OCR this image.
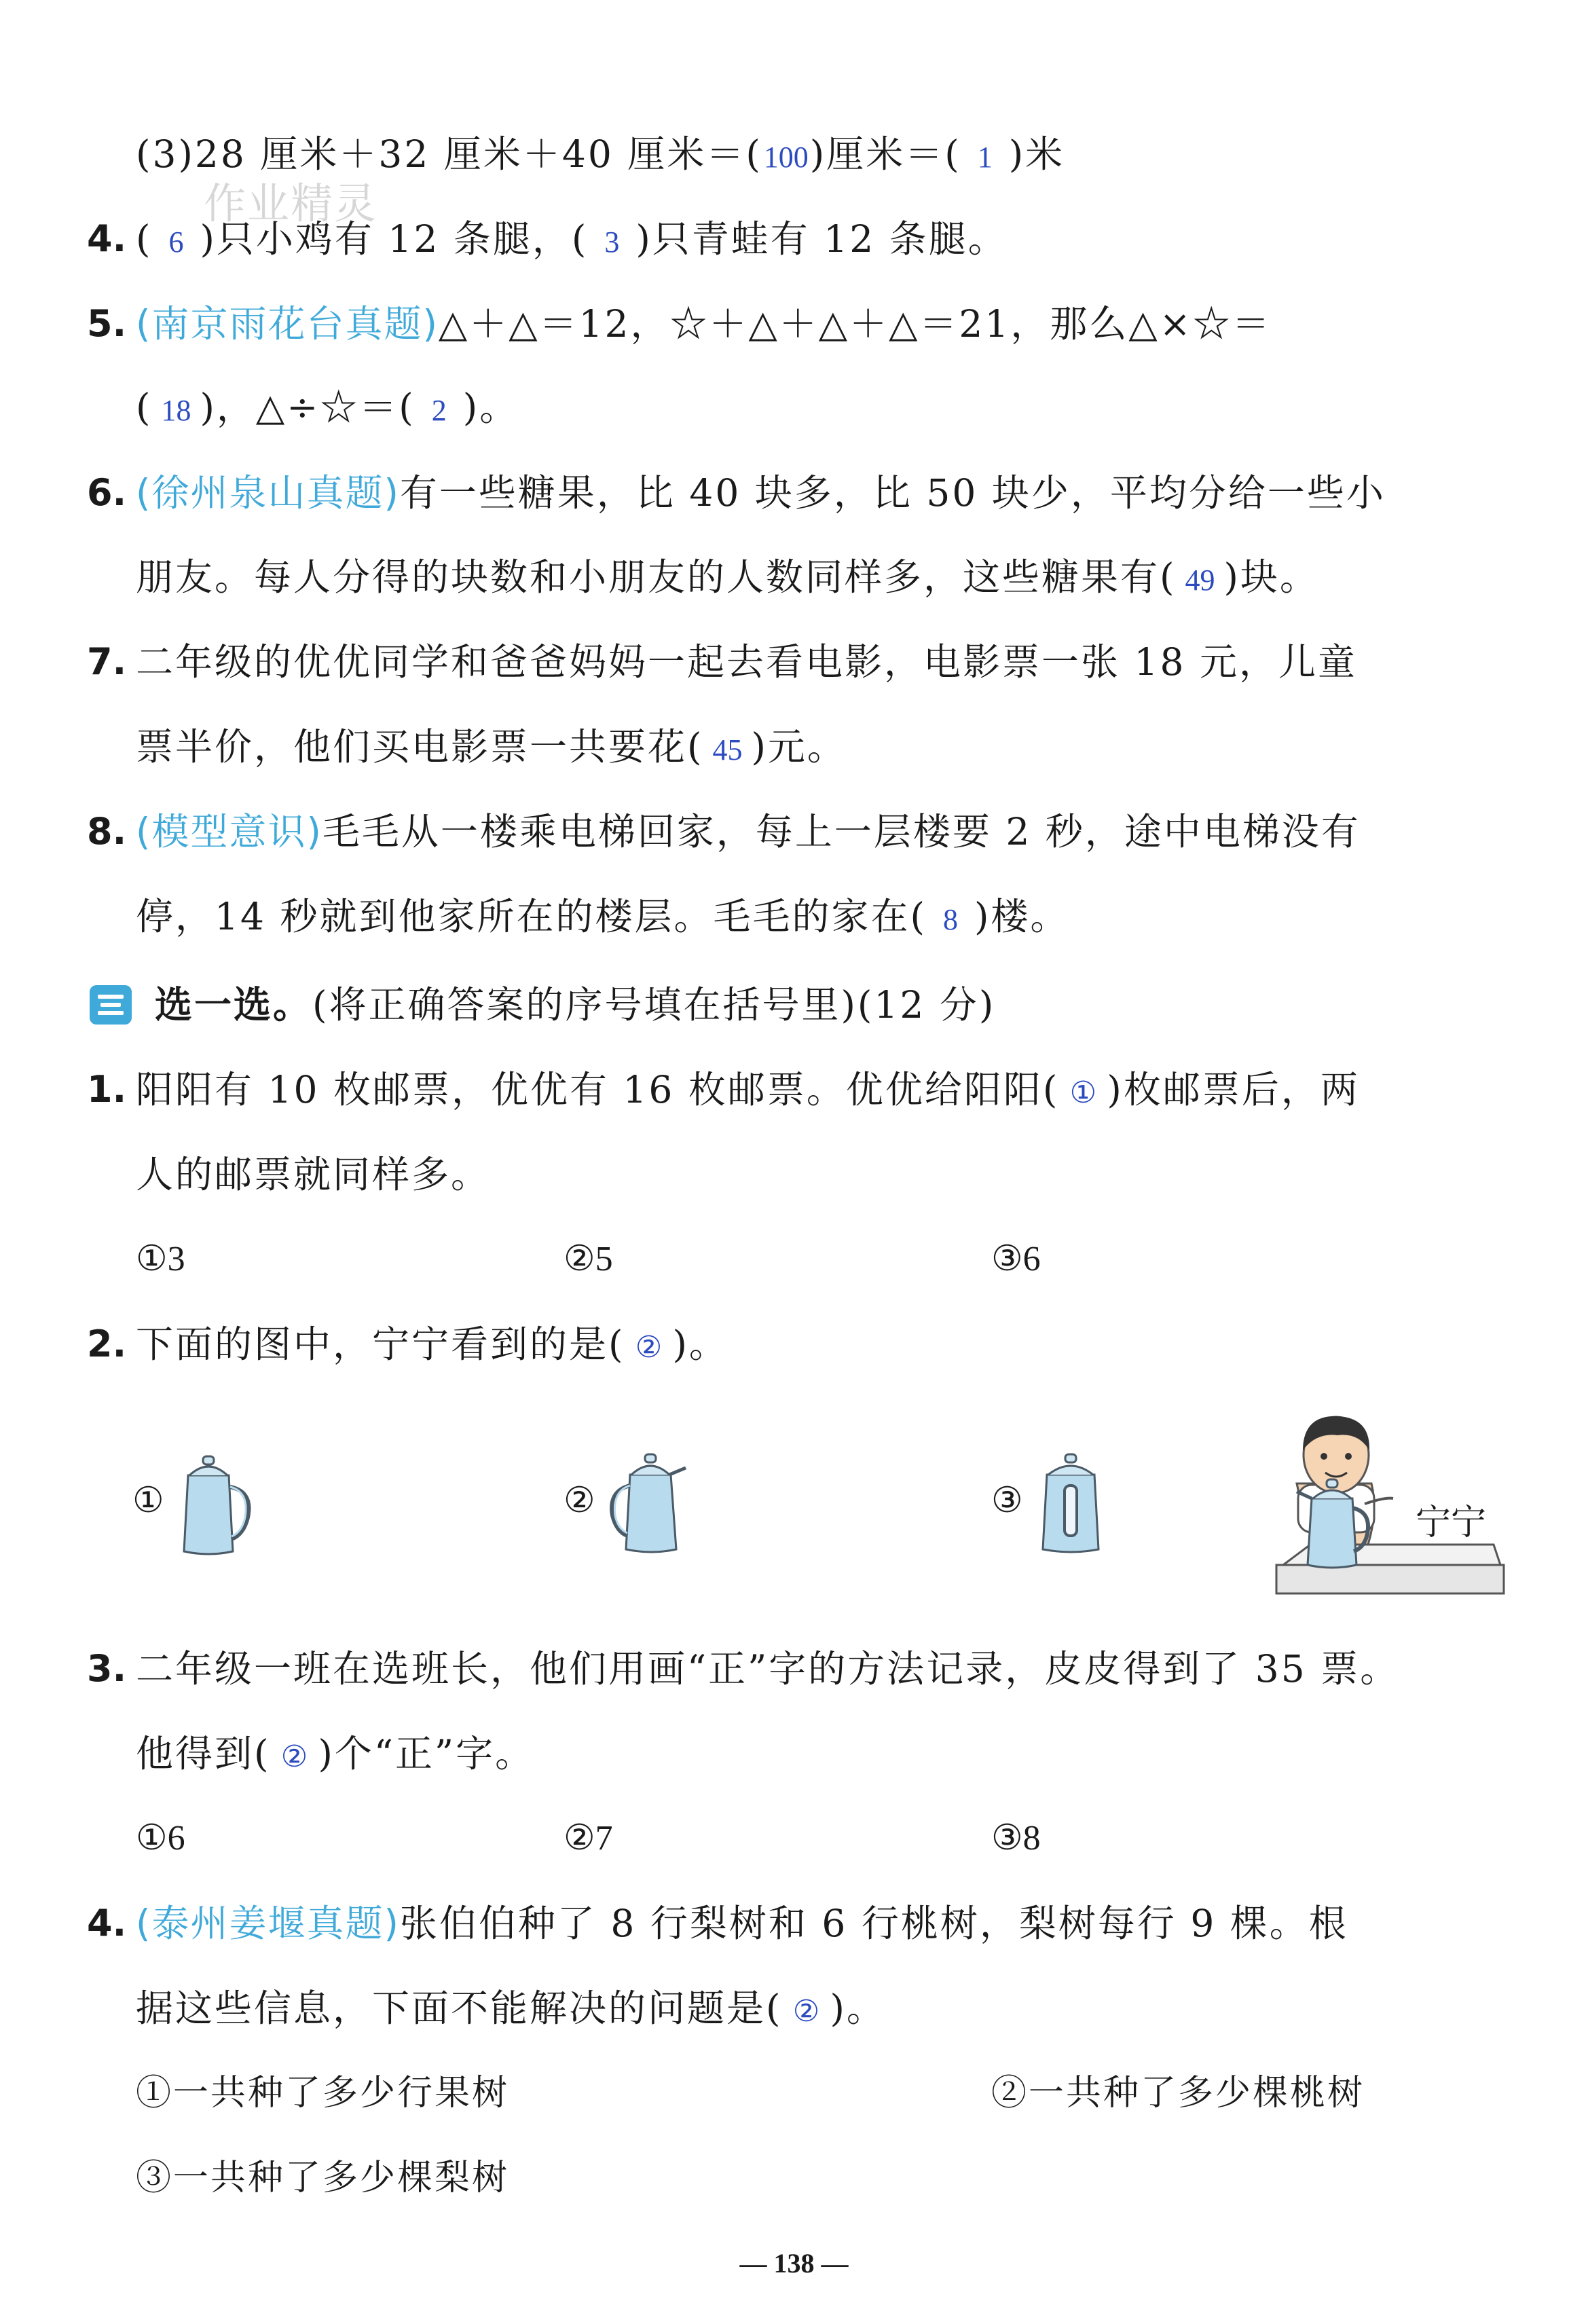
作业精灵
(3)28 厘米＋32 厘米＋40 厘米＝(100)厘米＝( 1 )米
4. ( 6 )只小鸡有 12 条腿，( 3 )只青蛙有 12 条腿。
5. (南京雨花台真题)△＋△＝12，☆＋△＋△＋△＝21，那么△×☆＝
( 18 )，△÷☆＝( 2 )。
6. (徐州泉山真题)有一些糖果，比 40 块多，比 50 块少，平均分给一些小
朋友。每人分得的块数和小朋友的人数同样多，这些糖果有( 49 )块。
7. 二年级的优优同学和爸爸妈妈一起去看电影，电影票一张 18 元，儿童
票半价，他们买电影票一共要花( 45 )元。
8. (模型意识)毛毛从一楼乘电梯回家，每上一层楼要 2 秒，途中电梯没有
停，14 秒就到他家所在的楼层。毛毛的家在( 8 )楼。
选一选。(将正确答案的序号填在括号里)(12 分)
1. 阳阳有 10 枚邮票，优优有 16 枚邮票。优优给阳阳( ① )枚邮票后，两
人的邮票就同样多。
①3	②5	③6
2. 下面的图中，宁宁看到的是( ② )。
①	②	③
宁宁
3. 二年级一班在选班长，他们用画“正”字的方法记录，皮皮得到了 35 票。
他得到( ② )个“正”字。
①6	②7	③8
4. (泰州姜堰真题)张伯伯种了 8 行梨树和 6 行桃树，梨树每行 9 棵。根
据这些信息，下面不能解决的问题是( ② )。
①一共种了多少行果树	②一共种了多少棵桃树
③一共种了多少棵梨树
— 138 —
